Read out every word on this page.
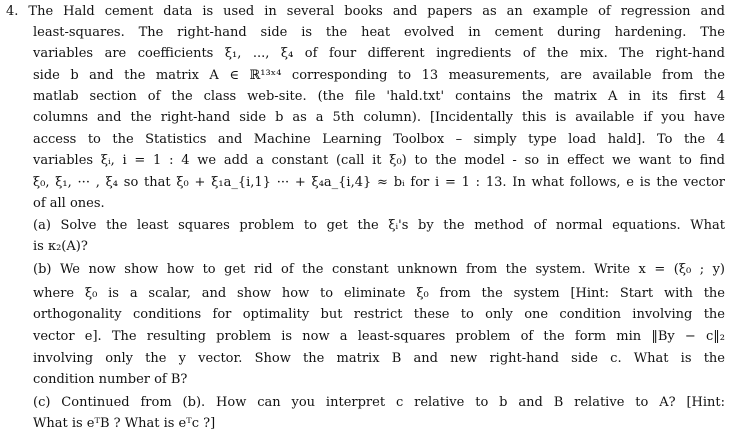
4. The Hald cement data is used in several books and papers as an example of regression and
least-squares. The right-hand side is the heat evolved in cement during hardening. The
variables are coefficients ξ₁, ..., ξ₄ of four different ingredients of the mix. The right-hand
side b and the matrix A ∈ ℝ¹³ˣ⁴ corresponding to 13 measurements, are available from the
matlab section of the class web-site. (the file 'hald.txt' contains the matrix A in its first 4
columns and the right-hand side b as a 5th column). [Incidentally this is available if you have
access to the Statistics and Machine Learning Toolbox – simply type load hald]. To the 4
variables ξᵢ, i = 1 : 4 we add a constant (call it ξ₀) to the model - so in effect we want to find
ξ₀, ξ₁, ··· , ξ₄ so that ξ₀ + ξ₁a_{i,1} ··· + ξ₄a_{i,4} ≈ bᵢ for i = 1 : 13. In what follows, e is the vector
of all ones.
(a) Solve the least squares problem to get the ξᵢ's by the method of normal equations. What
is κ₂(A)?
(b) We now show how to get rid of the constant unknown from the system. Write x = (ξ₀ ; y)
where ξ₀ is a scalar, and show how to eliminate ξ₀ from the system [Hint: Start with the
orthogonality conditions for optimality but restrict these to only one condition involving the
vector e]. The resulting problem is now a least-squares problem of the form min ‖By − c‖₂
involving only the y vector. Show the matrix B and new right-hand side c. What is the
condition number of B?
(c) Continued from (b). How can you interpret c relative to b and B relative to A? [Hint:
What is eᵀB ? What is eᵀc ?]
